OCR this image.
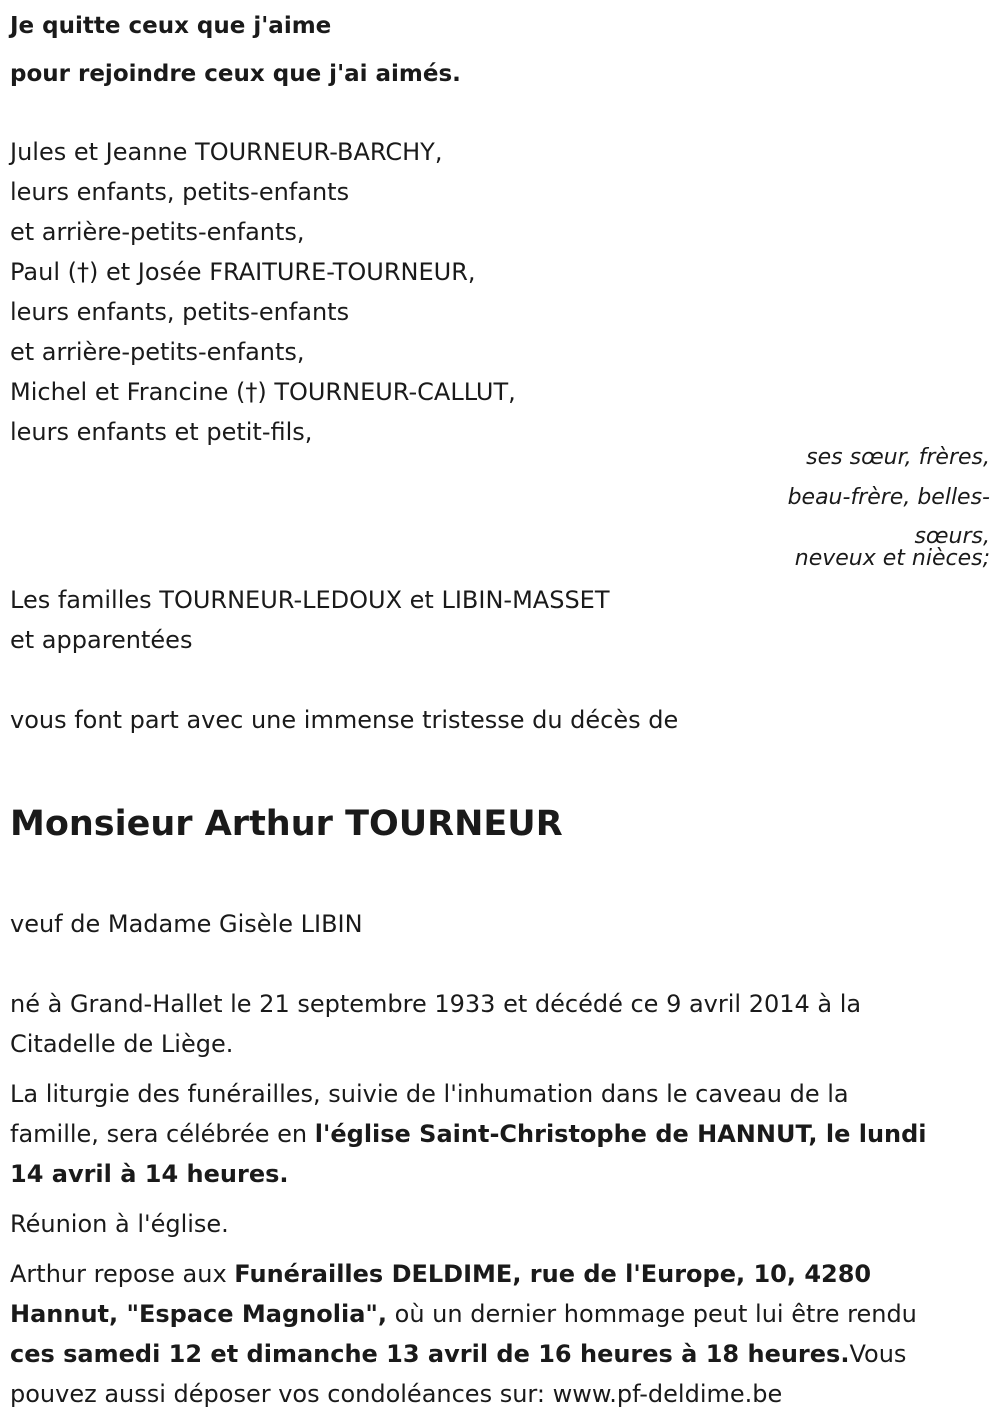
Je quitte ceux que j'aime
pour rejoindre ceux que j'ai aimés.
Jules et Jeanne TOURNEUR-BARCHY,
leurs enfants, petits-enfants
et arrière-petits-enfants,
Paul (†) et Josée FRAITURE-TOURNEUR,
leurs enfants, petits-enfants
et arrière-petits-enfants,
Michel et Francine (†) TOURNEUR-CALLUT,
leurs enfants et petit-fils,
ses sœur, frères,
beau-frère, belles-
sœurs,
neveux et nièces;
Les familles TOURNEUR-LEDOUX et LIBIN-MASSET
et apparentées
vous font part avec une immense tristesse du décès de
Monsieur Arthur TOURNEUR
veuf de Madame Gisèle LIBIN
né à Grand-Hallet le 21 septembre 1933 et décédé ce 9 avril 2014 à la
Citadelle de Liège.
La liturgie des funérailles, suivie de l'inhumation dans le caveau de la
famille, sera célébrée en l'église Saint-Christophe de HANNUT, le lundi
14 avril à 14 heures.
Réunion à l'église.
Arthur repose aux Funérailles DELDIME, rue de l'Europe, 10, 4280
Hannut, "Espace Magnolia", où un dernier hommage peut lui être rendu
ces samedi 12 et dimanche 13 avril de 16 heures à 18 heures.Vous
pouvez aussi déposer vos condoléances sur: www.pf-deldime.be
